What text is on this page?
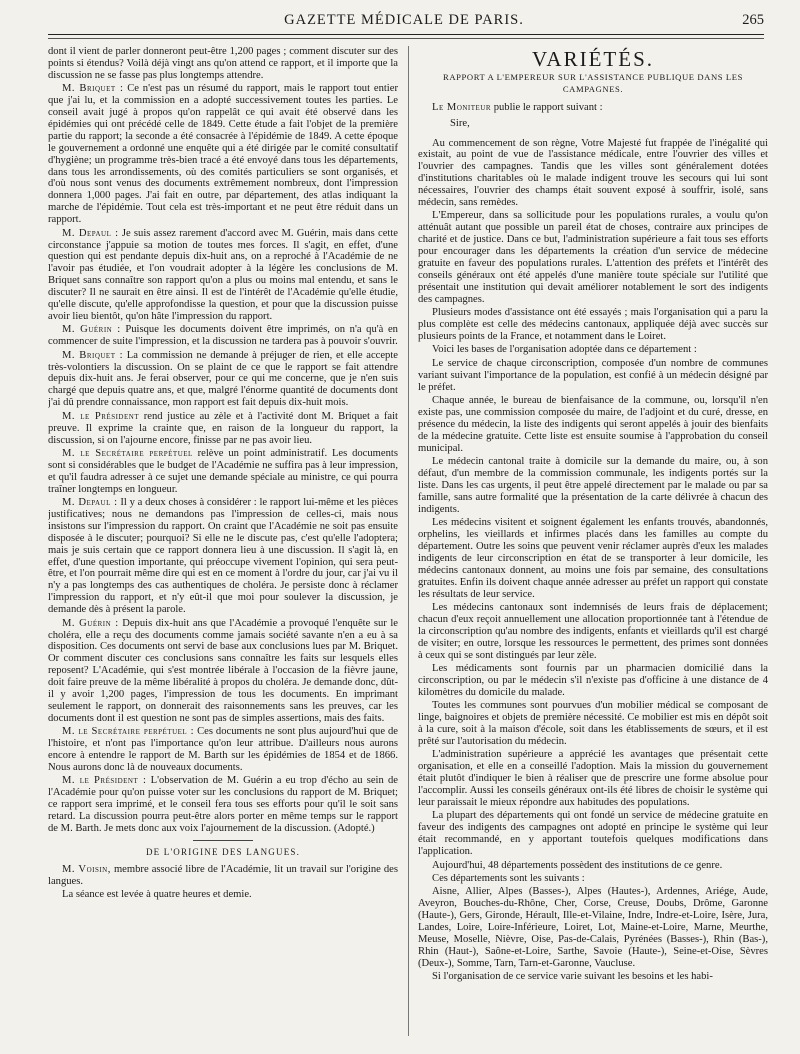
GAZETTE MÉDICALE DE PARIS.	265

dont il vient de parler donneront peut-être 1,200 pages ; comment discuter sur des points si étendus? Voilà déjà vingt ans qu'on attend ce rapport, et il importe que la discussion ne se fasse pas plus longtemps attendre.

M. Briquet : Ce n'est pas un résumé du rapport, mais le rapport tout entier que j'ai lu, et la commission en a adopté successivement toutes les parties. Le conseil avait jugé à propos qu'on rappelât ce qui avait été observé dans les épidémies qui ont précédé celle de 1849. Cette étude a fait l'objet de la première partie du rapport; la seconde a été consacrée à l'épidémie de 1849. A cette époque le gouvernement a ordonné une enquête qui a été dirigée par le comité consultatif d'hygiène; un programme très-bien tracé a été envoyé dans tous les départements, dans tous les arrondissements, où des comités particuliers se sont organisés, et d'où nous sont venus des documents extrêmement nombreux, dont l'impression donnera 1,000 pages. J'ai fait en outre, par département, des atlas indiquant la marche de l'épidémie. Tout cela est très-important et ne peut être réduit dans un rapport.

M. Depaul : Je suis assez rarement d'accord avec M. Guérin, mais dans cette circonstance j'appuie sa motion de toutes mes forces. Il s'agit, en effet, d'une question qui est pendante depuis dix-huit ans, on a reproché à l'Académie de ne l'avoir pas étudiée, et l'on voudrait adopter à la légère les conclusions de M. Briquet sans connaître son rapport qu'on a plus ou moins mal entendu, et sans le discuter? Il ne saurait en être ainsi. Il est de l'intérêt de l'Académie qu'elle étudie, qu'elle discute, qu'elle approfondisse la question, et pour que la discussion puisse avoir lieu bientôt, qu'on hâte l'impression du rapport.

M. Guérin : Puisque les documents doivent être imprimés, on n'a qu'à en commencer de suite l'impression, et la discussion ne tardera pas à pouvoir s'ouvrir.

M. Briquet : La commission ne demande à préjuger de rien, et elle accepte très-volontiers la discussion. On se plaint de ce que le rapport se fait attendre depuis dix-huit ans. Je ferai observer, pour ce qui me concerne, que je n'en suis chargé que depuis quatre ans, et que, malgré l'énorme quantité de documents dont j'ai dû prendre connaissance, mon rapport est fait depuis dix-huit mois.

M. le Président rend justice au zèle et à l'activité dont M. Briquet a fait preuve. Il exprime la crainte que, en raison de la longueur du rapport, la discussion, si on l'ajourne encore, finisse par ne pas avoir lieu.

M. le Secrétaire perpétuel relève un point administratif. Les documents sont si considérables que le budget de l'Académie ne suffira pas à leur impression, et qu'il faudra adresser à ce sujet une demande spéciale au ministre, ce qui pourra traîner longtemps en longueur.

M. Depaul : Il y a deux choses à considérer : le rapport lui-même et les pièces justificatives; nous ne demandons pas l'impression de celles-ci, mais nous insistons sur l'impression du rapport. On craint que l'Académie ne soit pas ensuite disposée à le discuter; pourquoi? Si elle ne le discute pas, c'est qu'elle l'adoptera; mais je suis certain que ce rapport donnera lieu à une discussion. Il s'agit là, en effet, d'une question importante, qui préoccupe vivement l'opinion, qui sera peut-être, et l'on pourrait même dire qui est en ce moment à l'ordre du jour, car j'ai vu il n'y a pas longtemps des cas authentiques de choléra. Je persiste donc à réclamer l'impression du rapport, et n'y eût-il que moi pour soulever la discussion, je demande dès à présent la parole.

M. Guérin : Depuis dix-huit ans que l'Académie a provoqué l'enquête sur le choléra, elle a reçu des documents comme jamais société savante n'en a eu à sa disposition. Ces documents ont servi de base aux conclusions lues par M. Briquet. Or comment discuter ces conclusions sans connaître les faits sur lesquels elles reposent? L'Académie, qui s'est montrée libérale à l'occasion de la fièvre jaune, doit faire preuve de la même libéralité à propos du choléra. Je demande donc, dût-il y avoir 1,200 pages, l'impression de tous les documents. En imprimant seulement le rapport, on donnerait des raisonnements sans les preuves, car les documents dont il est question ne sont pas de simples assertions, mais des faits.

M. le Secrétaire perpétuel : Ces documents ne sont plus aujourd'hui que de l'histoire, et n'ont pas l'importance qu'on leur attribue. D'ailleurs nous aurons encore à entendre le rapport de M. Barth sur les épidémies de 1854 et de 1866. Nous aurons donc là de nouveaux documents.

M. le Président : L'observation de M. Guérin a eu trop d'écho au sein de l'Académie pour qu'on puisse voter sur les conclusions du rapport de M. Briquet; ce rapport sera imprimé, et le conseil fera tous ses efforts pour qu'il le soit sans retard. La discussion pourra peut-être alors porter en même temps sur le rapport de M. Barth. Je mets donc aux voix l'ajournement de la discussion. (Adopté.)

DE L'ORIGINE DES LANGUES.

M. Voisin, membre associé libre de l'Académie, lit un travail sur l'origine des langues.

La séance est levée à quatre heures et demie.

VARIÉTÉS.

RAPPORT A L'EMPEREUR SUR L'ASSISTANCE PUBLIQUE DANS LES CAMPAGNES.

Le Moniteur publie le rapport suivant :

Sire,

Au commencement de son règne, Votre Majesté fut frappée de l'inégalité qui existait, au point de vue de l'assistance médicale, entre l'ouvrier des villes et l'ouvrier des campagnes. Tandis que les villes sont généralement dotées d'institutions charitables où le malade indigent trouve les secours qui lui sont nécessaires, l'ouvrier des champs était souvent exposé à souffrir, isolé, sans médecin, sans remèdes.

L'Empereur, dans sa sollicitude pour les populations rurales, a voulu qu'on atténuât autant que possible un pareil état de choses, contraire aux principes de charité et de justice. Dans ce but, l'administration supérieure a fait tous ses efforts pour encourager dans les départements la création d'un service de médecine gratuite en faveur des populations rurales. L'attention des préfets et l'intérêt des conseils généraux ont été appelés d'une manière toute spéciale sur l'utilité que présentait une institution qui devait améliorer notablement le sort des indigents des campagnes.

Plusieurs modes d'assistance ont été essayés ; mais l'organisation qui a paru la plus complète est celle des médecins cantonaux, appliquée déjà avec succès sur plusieurs points de la France, et notamment dans le Loiret.

Voici les bases de l'organisation adoptée dans ce département :

Le service de chaque circonscription, composée d'un nombre de communes variant suivant l'importance de la population, est confié à un médecin désigné par le préfet.

Chaque année, le bureau de bienfaisance de la commune, ou, lorsqu'il n'en existe pas, une commission composée du maire, de l'adjoint et du curé, dresse, en présence du médecin, la liste des indigents qui seront appelés à jouir des bienfaits de la médecine gratuite. Cette liste est ensuite soumise à l'approbation du conseil municipal.

Le médecin cantonal traite à domicile sur la demande du maire, ou, à son défaut, d'un membre de la commission communale, les indigents portés sur la liste. Dans les cas urgents, il peut être appelé directement par le malade ou par sa famille, sans autre formalité que la présentation de la carte délivrée à chacun des indigents.

Les médecins visitent et soignent également les enfants trouvés, abandonnés, orphelins, les vieillards et infirmes placés dans les familles au compte du département. Outre les soins que peuvent venir réclamer auprès d'eux les malades indigents de leur circonscription en état de se transporter à leur domicile, les médecins cantonaux donnent, au moins une fois par semaine, des consultations gratuites. Enfin ils doivent chaque année adresser au préfet un rapport qui constate les résultats de leur service.

Les médecins cantonaux sont indemnisés de leurs frais de déplacement; chacun d'eux reçoit annuellement une allocation proportionnée tant à l'étendue de la circonscription qu'au nombre des indigents, enfants et vieillards qu'il est chargé de visiter; en outre, lorsque les ressources le permettent, des primes sont données à ceux qui se sont distingués par leur zèle.

Les médicaments sont fournis par un pharmacien domicilié dans la circonscription, ou par le médecin s'il n'existe pas d'officine à une distance de 4 kilomètres du domicile du malade.

Toutes les communes sont pourvues d'un mobilier médical se composant de linge, baignoires et objets de première nécessité. Ce mobilier est mis en dépôt soit à la cure, soit à la maison d'école, soit dans les établissements de sœurs, et il est prêté sur l'autorisation du médecin.

L'administration supérieure a apprécié les avantages que présentait cette organisation, et elle en a conseillé l'adoption. Mais la mission du gouvernement était plutôt d'indiquer le bien à réaliser que de prescrire une forme absolue pour l'accomplir. Aussi les conseils généraux ont-ils été libres de choisir le système qui leur paraissait le mieux répondre aux habitudes des populations.

La plupart des départements qui ont fondé un service de médecine gratuite en faveur des indigents des campagnes ont adopté en principe le système qui leur était recommandé, en y apportant toutefois quelques modifications dans l'application.

Aujourd'hui, 48 départements possèdent des institutions de ce genre.

Ces départements sont les suivants :

Aisne, Allier, Alpes (Basses-), Alpes (Hautes-), Ardennes, Ariége, Aude, Aveyron, Bouches-du-Rhône, Cher, Corse, Creuse, Doubs, Drôme, Garonne (Haute-), Gers, Gironde, Hérault, Ille-et-Vilaine, Indre, Indre-et-Loire, Isère, Jura, Landes, Loire, Loire-Inférieure, Loiret, Lot, Maine-et-Loire, Marne, Meurthe, Meuse, Moselle, Nièvre, Oise, Pas-de-Calais, Pyrénées (Basses-), Rhin (Bas-), Rhin (Haut-), Saône-et-Loire, Sarthe, Savoie (Haute-), Seine-et-Oise, Sèvres (Deux-), Somme, Tarn, Tarn-et-Garonne, Vaucluse.

Si l'organisation de ce service varie suivant les besoins et les habi-
